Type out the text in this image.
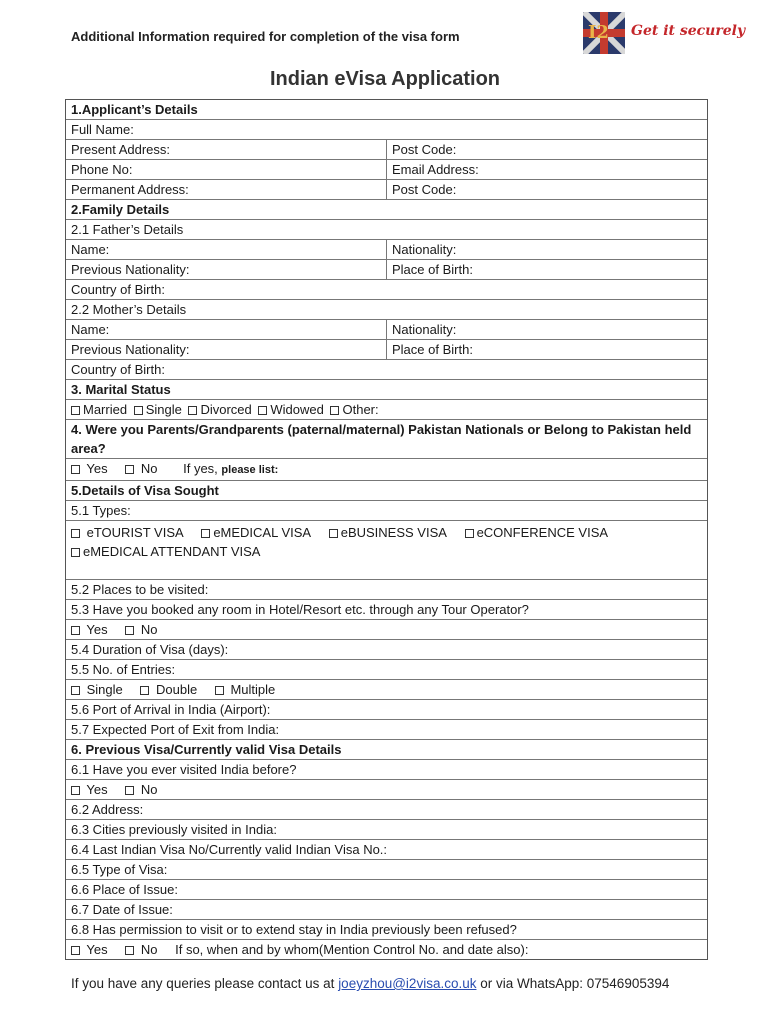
Additional Information required for completion of the visa form	I2 Get it securely
Indian eVisa Application
1.Applicant’s Details
Full Name:
Present Address:	Post Code:
Phone No:	Email Address:
Permanent Address:	Post Code:
2.Family Details
2.1 Father’s Details
Name:	Nationality:
Previous Nationality:	Place of Birth:
Country of Birth:
2.2 Mother’s Details
Name:	Nationality:
Previous Nationality:	Place of Birth:
Country of Birth:
3. Marital Status
Married Single Divorced Widowed Other:
4. Were you Parents/Grandparents (paternal/maternal) Pakistan Nationals or Belong to Pakistan held area?
Yes	No If yes, please list:
5.Details of Visa Sought
5.1 Types:
eTOURIST VISA eMEDICAL VISA eBUSINESS VISA eCONFERENCE VISA
eMEDICAL ATTENDANT VISA
5.2 Places to be visited:
5.3 Have you booked any room in Hotel/Resort etc. through any Tour Operator?
Yes	No
5.4 Duration of Visa (days):
5.5 No. of Entries:
Single	Double	Multiple
5.6 Port of Arrival in India (Airport):
5.7 Expected Port of Exit from India:
6. Previous Visa/Currently valid Visa Details
6.1 Have you ever visited India before?
Yes	No
6.2 Address:
6.3 Cities previously visited in India:
6.4 Last Indian Visa No/Currently valid Indian Visa No.:
6.5 Type of Visa:
6.6 Place of Issue:
6.7 Date of Issue:
6.8 Has permission to visit or to extend stay in India previously been refused?
Yes	No If so, when and by whom(Mention Control No. and date also):
If you have any queries please contact us at joeyzhou@i2visa.co.uk or via WhatsApp: 07546905394
